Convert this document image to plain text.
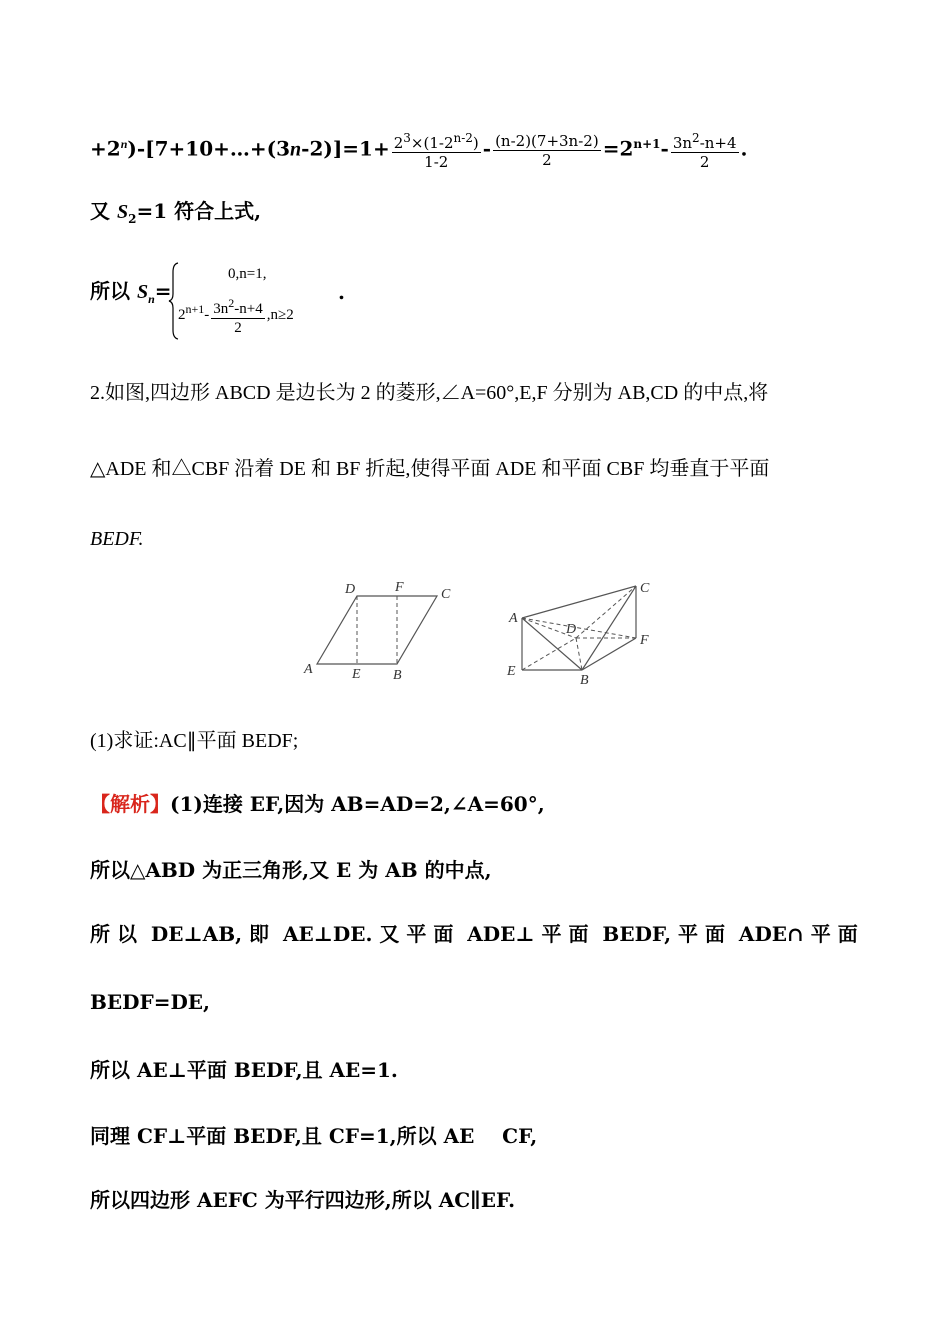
$+2^n)-[7+10+\dots+(3n-2)]=1+ \frac{2^3\times(1-2^{n-2})}{1-2} - \frac{(n-2)(7+3n-2)}{2} =2^{n+1}- \frac{3n^2-n+4}{2}$ .
又 $S_2=1$ 符合上式,
所以 $S_n=$
0,n=1,
$2^{n+1}- \frac{3n^2-n+4}{2} ,n\ge 2$
.
2.如图,四边形 ABCD 是边长为 2 的菱形,∠A=60°,E,F 分别为 AB,CD 的中点,将
△ADE 和△CBF 沿着 DE 和 BF 折起,使得平面 ADE 和平面 CBF 均垂直于平面
BEDF.
D	F	C
A	E B
C
A
D
F
E
B
(1)求证:AC∥平面 BEDF;
【解析】(1)连接 EF,因为 AB=AD=2,∠A=60°,
所以△ABD 为正三角形,又 E 为 AB 的中点,
所 以  DE⊥AB, 即  AE⊥DE. 又 平 面  ADE⊥ 平 面  BEDF, 平 面  ADE∩ 平 面
BEDF=DE,
所以 AE⊥平面 BEDF,且 AE=1.
同理 CF⊥平面 BEDF,且 CF=1,所以 AE    CF,
所以四边形 AEFC 为平行四边形,所以 AC∥EF.
